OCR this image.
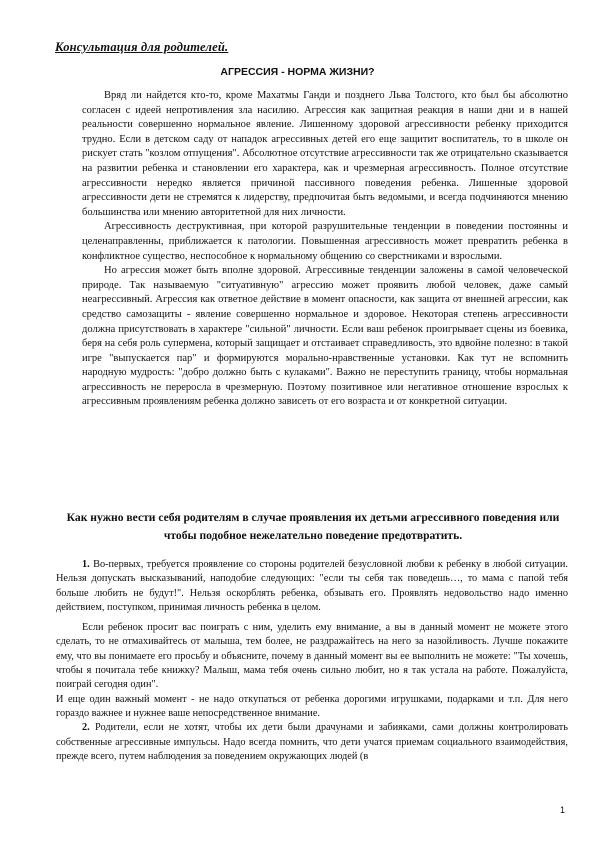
Консультация для родителей.
АГРЕССИЯ - НОРМА ЖИЗНИ?

Вряд ли найдется кто-то, кроме Махатмы Ганди и позднего Льва Толстого, кто был бы абсолютно согласен с идеей непротивления зла насилию. Агрессия как защитная реакция в наши дни и в нашей реальности совершенно нормальное явление. Лишенному здоровой агрессивности ребенку приходится трудно. Если в детском саду от нападок агрессивных детей его еще защитит воспитатель, то в школе он рискует стать "козлом отпущения". Абсолютное отсутствие агрессивности так же отрицательно сказывается на развитии ребенка и становлении его характера, как и чрезмерная агрессивность. Полное отсутствие агрессивности нередко является причиной пассивного поведения ребенка. Лишенные здоровой агрессивности дети не стремятся к лидерству, предпочитая быть ведомыми, и всегда подчиняются мнению большинства или мнению авторитетной для них личности.

Агрессивность деструктивная, при которой разрушительные тенденции в поведении постоянны и целенаправленны, приближается к патологии. Повышенная агрессивность может превратить ребенка в конфликтное существо, неспособное к нормальному общению со сверстниками и взрослыми.

Но агрессия может быть вполне здоровой. Агрессивные тенденции заложены в самой человеческой природе. Так называемую "ситуативную" агрессию может проявить любой человек, даже самый неагрессивный. Агрессия как ответное действие в момент опасности, как защита от внешней агрессии, как средство самозащиты - явление совершенно нормальное и здоровое. Некоторая степень агрессивности должна присутствовать в характере "сильной" личности. Если ваш ребенок проигрывает сцены из боевика, беря на себя роль супермена, который защищает и отстаивает справедливость, это вдвойне полезно: в такой игре "выпускается пар" и формируются морально-нравственные установки. Как тут не вспомнить народную мудрость: "добро должно быть с кулаками". Важно не переступить границу, чтобы нормальная агрессивность не переросла в чрезмерную. Поэтому позитивное или негативное отношение взрослых к агрессивным проявлениям ребенка должно зависеть от его возраста и от конкретной ситуации.

Как нужно вести себя родителям в случае проявления их детьми агрессивного поведения или чтобы подобное нежелательно поведение предотвратить.

1. Во-первых, требуется проявление со стороны родителей безусловной любви к ребенку в любой ситуации. Нельзя допускать высказываний, наподобие следующих: "если ты себя так поведешь…, то мама с папой тебя больше любить не будут!". Нельзя оскорблять ребенка, обзывать его. Проявлять недовольство надо именно действием, поступком, принимая личность ребенка в целом.

Если ребенок просит вас поиграть с ним, уделить ему внимание, а вы в данный момент не можете этого сделать, то не отмахивайтесь от малыша, тем более, не раздражайтесь на него за назойливость. Лучше покажите ему, что вы понимаете его просьбу и объясните, почему в данный момент вы ее выполнить не можете: "Ты хочешь, чтобы я почитала тебе книжку? Малыш, мама тебя очень сильно любит, но я так устала на работе. Пожалуйста, поиграй сегодня один".

И еще один важный момент - не надо откупаться от ребенка дорогими игрушками, подарками и т.п. Для него гораздо важнее и нужнее ваше непосредственное внимание.

2. Родители, если не хотят, чтобы их дети были драчунами и забияками, сами должны контролировать собственные агрессивные импульсы. Надо всегда помнить, что дети учатся приемам социального взаимодействия, прежде всего, путем наблюдения за поведением окружающих людей (в

1
